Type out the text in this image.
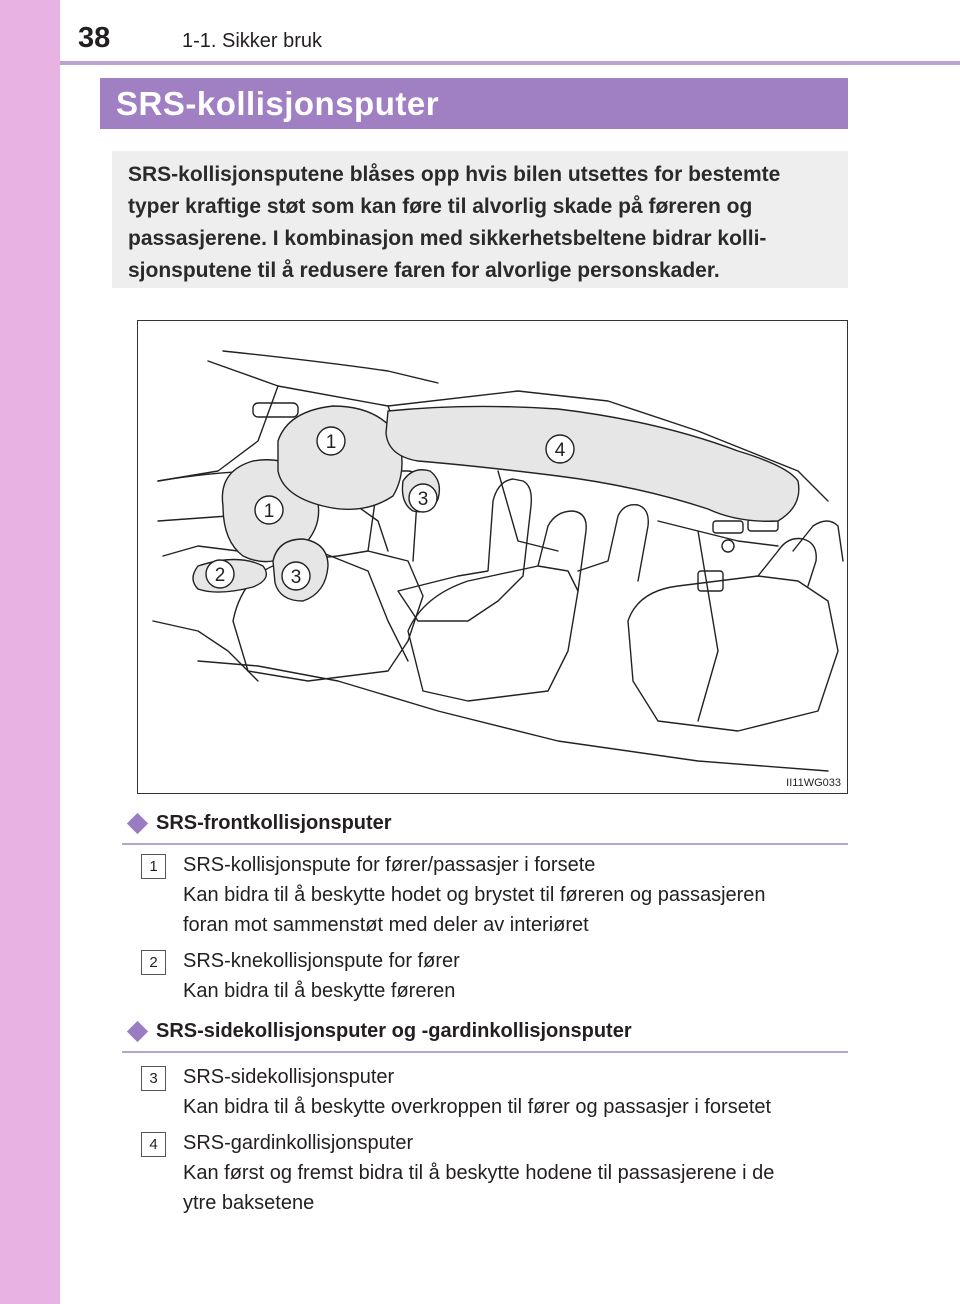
38	1-1. Sikker bruk
SRS-kollisjonsputer

SRS-kollisjonsputene blåses opp hvis bilen utsettes for bestemte

typer kraftige støt som kan føre til alvorlig skade på føreren og

passasjerene. I kombinasjon med sikkerhetsbeltene bidrar kolli-

sjonsputene til å redusere faren for alvorlige personskader.

1
1
2	3
3
4
II11WG033
SRS-frontkollisjonsputer
1	SRS-kollisjonspute for fører/passasjer i forsete
Kan bidra til å beskytte hodet og brystet til føreren og passasjeren
foran mot sammenstøt med deler av interiøret
2	SRS-knekollisjonspute for fører
Kan bidra til å beskytte føreren
SRS-sidekollisjonsputer og -gardinkollisjonsputer
3	SRS-sidekollisjonsputer
Kan bidra til å beskytte overkroppen til fører og passasjer i forsetet
4	SRS-gardinkollisjonsputer
Kan først og fremst bidra til å beskytte hodene til passasjerene i de
ytre baksetene
